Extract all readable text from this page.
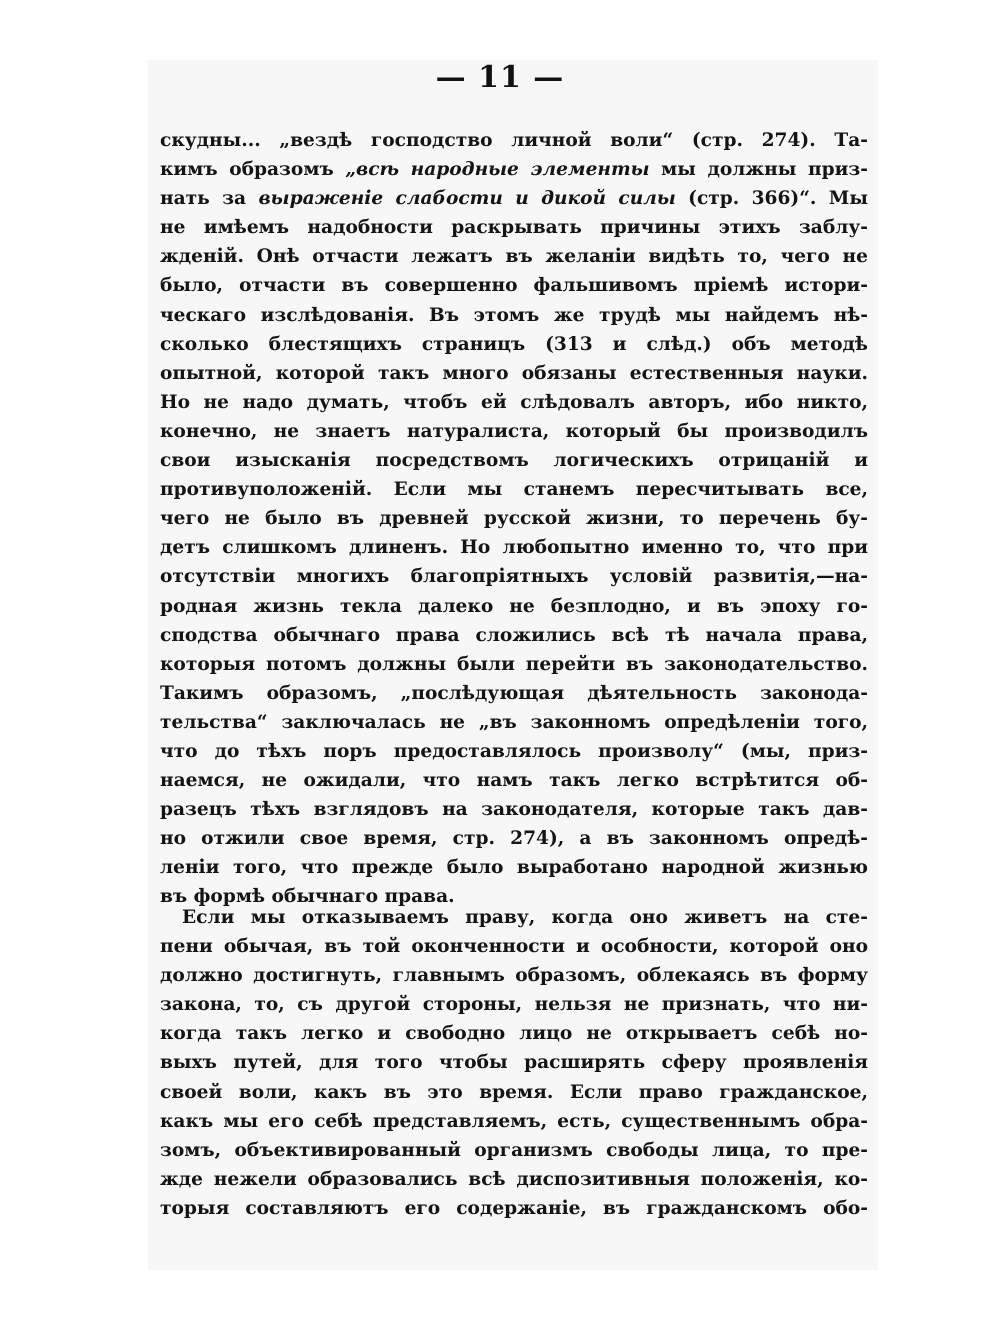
— 11 —
скудны... „вездѣ господство личной воли“ (стр. 274). Та-
кимъ образомъ „всѣ народные элементы мы должны приз-
нать за выраженіе слабости и дикой силы (стр. 366)“. Мы
не имѣемъ надобности раскрывать причины этихъ заблу-
жденій. Онѣ отчасти лежатъ въ желаніи видѣть то, чего не
было, отчасти въ совершенно фальшивомъ пріемѣ истори-
ческаго изслѣдованія. Въ этомъ же трудѣ мы найдемъ нѣ-
сколько блестящихъ страницъ (313 и слѣд.) объ методѣ
опытной, которой такъ много обязаны естественныя науки.
Но не надо думать, чтобъ ей слѣдовалъ авторъ, ибо никто,
конечно, не знаетъ натуралиста, который бы производилъ
свои изысканія посредствомъ логическихъ отрицаній и
противуположеній. Если мы станемъ пересчитывать все,
чего не было въ древней русской жизни, то перечень бу-
детъ слишкомъ длиненъ. Но любопытно именно то, что при
отсутствіи многихъ благопріятныхъ условій развитія,—на-
родная жизнь текла далеко не безплодно, и въ эпоху го-
сподства обычнаго права сложились всѣ тѣ начала права,
которыя потомъ должны были перейти въ законодательство.
Такимъ образомъ, „послѣдующая дѣятельность законода-
тельства“ заключалась не „въ законномъ опредѣленіи того,
что до тѣхъ поръ предоставлялось произволу“ (мы, приз-
наемся, не ожидали, что намъ такъ легко встрѣтится об-
разецъ тѣхъ взглядовъ на законодателя, которые такъ дав-
но отжили свое время, стр. 274), а въ законномъ опредѣ-
леніи того, что прежде было выработано народной жизнью
въ формѣ обычнаго права.
Если мы отказываемъ праву, когда оно живетъ на сте-
пени обычая, въ той оконченности и особности, которой оно
должно достигнуть, главнымъ образомъ, облекаясь въ форму
закона, то, съ другой стороны, нельзя не признать, что ни-
когда такъ легко и свободно лицо не открываетъ себѣ но-
выхъ путей, для того чтобы расширять сферу проявленія
своей воли, какъ въ это время. Если право гражданское,
какъ мы его себѣ представляемъ, есть, существеннымъ обра-
зомъ, объективированный организмъ свободы лица, то пре-
жде нежели образовались всѣ диспозитивныя положенія, ко-
торыя составляютъ его содержаніе, въ гражданскомъ обо-
